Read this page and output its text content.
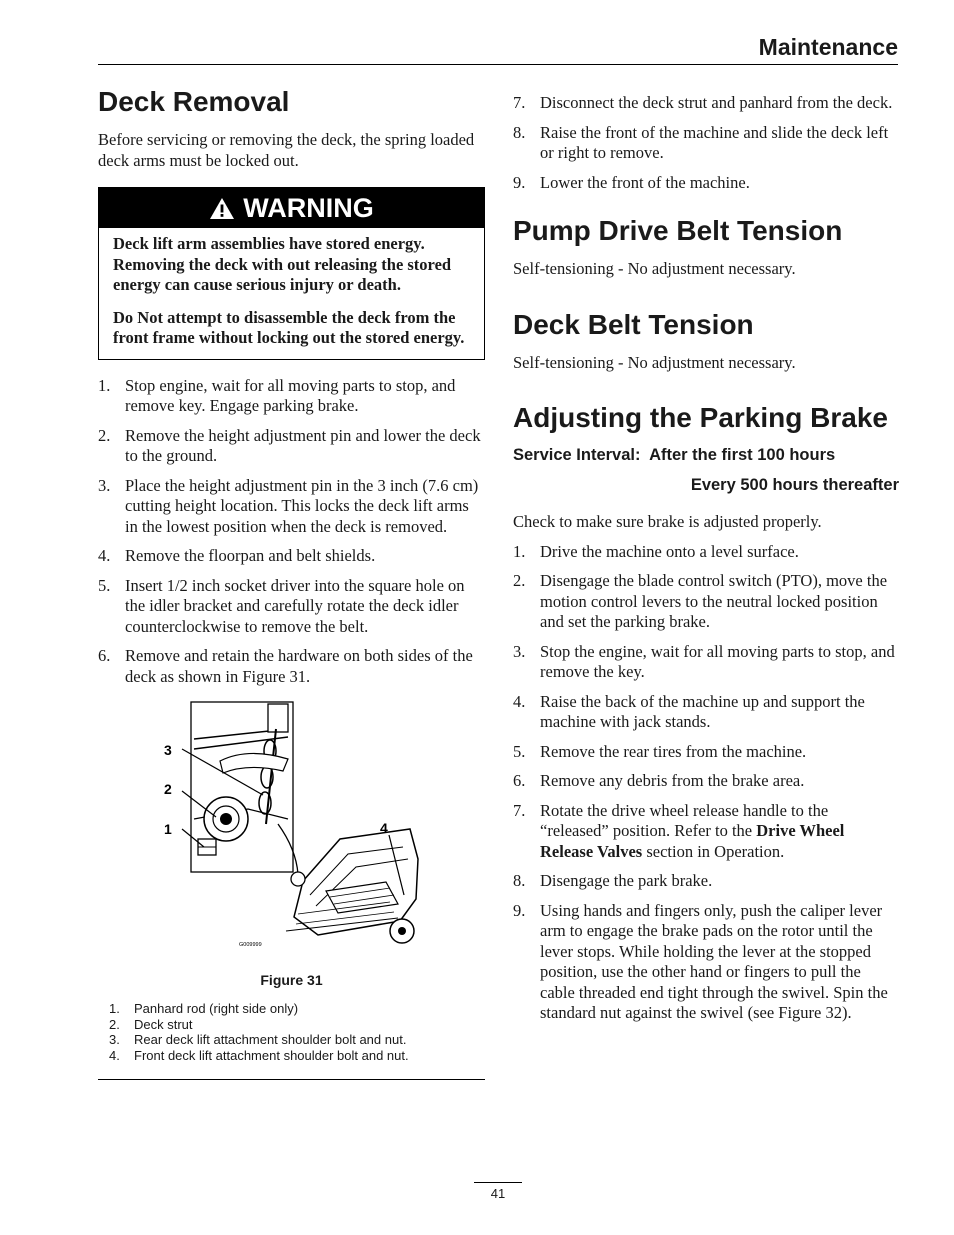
Maintenance
Deck Removal

Before servicing or removing the deck, the spring loaded deck arms must be locked out.

WARNING

Deck lift arm assemblies have stored energy. Removing the deck with out releasing the stored energy can cause serious injury or death.

Do Not attempt to disassemble the deck from the front frame without locking out the stored energy.

1. Stop engine, wait for all moving parts to stop, and remove key. Engage parking brake.
2. Remove the height adjustment pin and lower the deck to the ground.
3. Place the height adjustment pin in the 3 inch (7.6 cm) cutting height location. This locks the deck lift arms in the lowest position when the deck is removed.
4. Remove the floorpan and belt shields.
5. Insert 1/2 inch socket driver into the square hole on the idler bracket and carefully rotate the deck idler counterclockwise to remove the belt.
6. Remove and retain the hardware on both sides of the deck as shown in Figure 31.
3
2
1	4
G009999
Figure 31
1.	Panhard rod (right side only)
2.	Deck strut
3.	Rear deck lift attachment shoulder bolt and nut.
4.	Front deck lift attachment shoulder bolt and nut.
7. Disconnect the deck strut and panhard from the deck.
8. Raise the front of the machine and slide the deck left or right to remove.
9. Lower the front of the machine.
Pump Drive Belt Tension

Self-tensioning - No adjustment necessary.

Deck Belt Tension

Self-tensioning - No adjustment necessary.

Adjusting the Parking Brake
Service Interval: After the first 100 hours
Every 500 hours thereafter

Check to make sure brake is adjusted properly.

1. Drive the machine onto a level surface.
2. Disengage the blade control switch (PTO), move the motion control levers to the neutral locked position and set the parking brake.
3. Stop the engine, wait for all moving parts to stop, and remove the key.
4. Raise the back of the machine up and support the machine with jack stands.
5. Remove the rear tires from the machine.
6. Remove any debris from the brake area.
7. Rotate the drive wheel release handle to the “released” position. Refer to the Drive Wheel Release Valves section in Operation.
8. Disengage the park brake.
9. Using hands and fingers only, push the caliper lever arm to engage the brake pads on the rotor until the lever stops. While holding the lever at the stopped position, use the other hand or fingers to pull the cable threaded end tight through the swivel. Spin the standard nut against the swivel (see Figure 32).
41
